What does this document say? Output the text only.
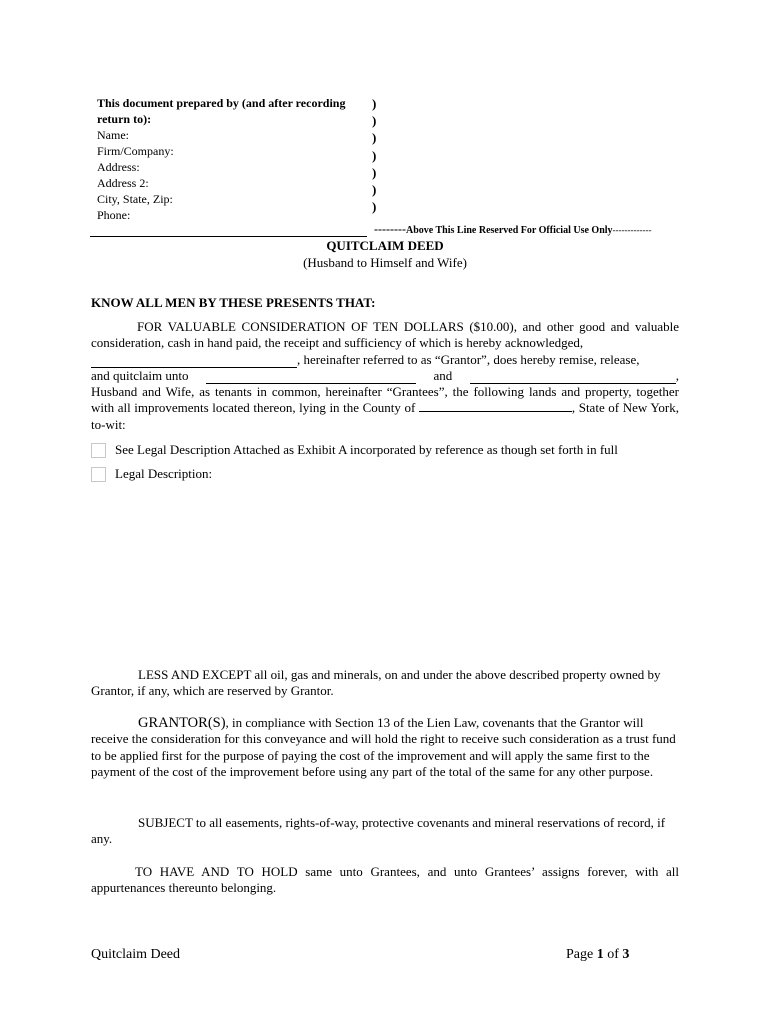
This document prepared by (and after recording
return to):
Name:
Firm/Company:
Address:
Address 2:
City, State, Zip:
Phone:
)
)
)
)
)
)
)
--------Above This Line Reserved For Official Use Only-------------
QUITCLAIM DEED
(Husband to Himself and Wife)
KNOW ALL MEN BY THESE PRESENTS THAT:
FOR VALUABLE CONSIDERATION OF TEN DOLLARS ($10.00), and other good and valuable consideration, cash in hand paid, the receipt and sufficiency of which is hereby acknowledged,
, hereinafter referred to as “Grantor”, does hereby remise, release,
and quitclaim unto	and	,
Husband and Wife, as tenants in common, hereinafter “Grantees”, the following lands and property, together with all improvements located thereon, lying in the County of	, State of New York, to-wit:
See Legal Description Attached as Exhibit A incorporated by reference as though set forth in full
Legal Description:
LESS AND EXCEPT all oil, gas and minerals, on and under the above described property owned by Grantor, if any, which are reserved by Grantor.
GRANTOR(S), in compliance with Section 13 of the Lien Law, covenants that the Grantor will receive the consideration for this conveyance and will hold the right to receive such consideration as a trust fund to be applied first for the purpose of paying the cost of the improvement and will apply the same first to the payment of the cost of the improvement before using any part of the total of the same for any other purpose.
SUBJECT to all easements, rights-of-way, protective covenants and mineral reservations of record, if any.
TO HAVE AND TO HOLD same unto Grantees, and unto Grantees’ assigns forever, with all appurtenances thereunto belonging.
Quitclaim Deed	Page 1 of 3
